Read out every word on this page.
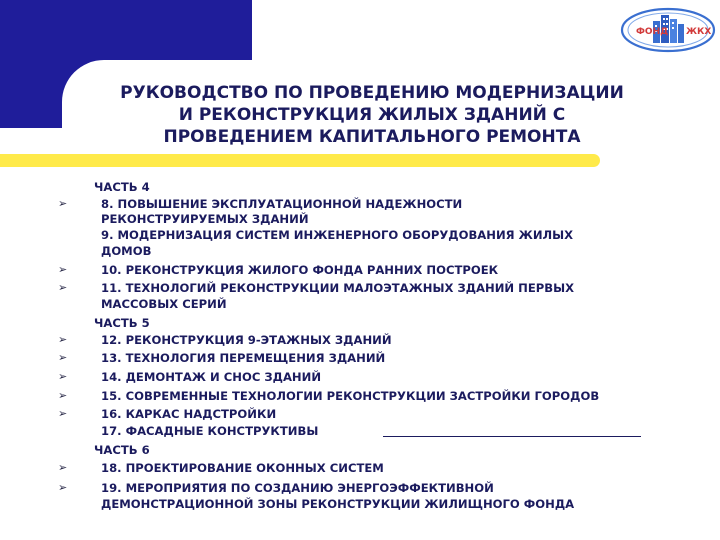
ФОНД ЖКХ
РУКОВОДСТВО ПО ПРОВЕДЕНИЮ МОДЕРНИЗАЦИИ
И РЕКОНСТРУКЦИЯ ЖИЛЫХ ЗДАНИЙ С
ПРОВЕДЕНИЕМ КАПИТАЛЬНОГО РЕМОНТА
ЧАСТЬ 4
➢	8. ПОВЫШЕНИЕ ЭКСПЛУАТАЦИОННОЙ НАДЕЖНОСТИ
РЕКОНСТРУИРУЕМЫХ ЗДАНИЙ
9. МОДЕРНИЗАЦИЯ СИСТЕМ ИНЖЕНЕРНОГО ОБОРУДОВАНИЯ ЖИЛЫХ
ДОМОВ
➢	10. РЕКОНСТРУКЦИЯ ЖИЛОГО ФОНДА РАННИХ ПОСТРОЕК
➢	11. ТЕХНОЛОГИЙ РЕКОНСТРУКЦИИ МАЛОЭТАЖНЫХ ЗДАНИЙ ПЕРВЫХ
МАССОВЫХ СЕРИЙ
ЧАСТЬ 5
➢	12. РЕКОНСТРУКЦИЯ 9-ЭТАЖНЫХ ЗДАНИЙ
➢	13. ТЕХНОЛОГИЯ ПЕРЕМЕЩЕНИЯ ЗДАНИЙ
➢	14. ДЕМОНТАЖ И СНОС ЗДАНИЙ
➢	15. СОВРЕМЕННЫЕ ТЕХНОЛОГИИ РЕКОНСТРУКЦИИ ЗАСТРОЙКИ ГОРОДОВ
➢	16. КАРКАС НАДСТРОЙКИ
17. ФАСАДНЫЕ КОНСТРУКТИВЫ
ЧАСТЬ 6
➢	18. ПРОЕКТИРОВАНИЕ ОКОННЫХ СИСТЕМ
➢	19. МЕРОПРИЯТИЯ ПО СОЗДАНИЮ ЭНЕРГОЭФФЕКТИВНОЙ
ДЕМОНСТРАЦИОННОЙ ЗОНЫ РЕКОНСТРУКЦИИ ЖИЛИЩНОГО ФОНДА
